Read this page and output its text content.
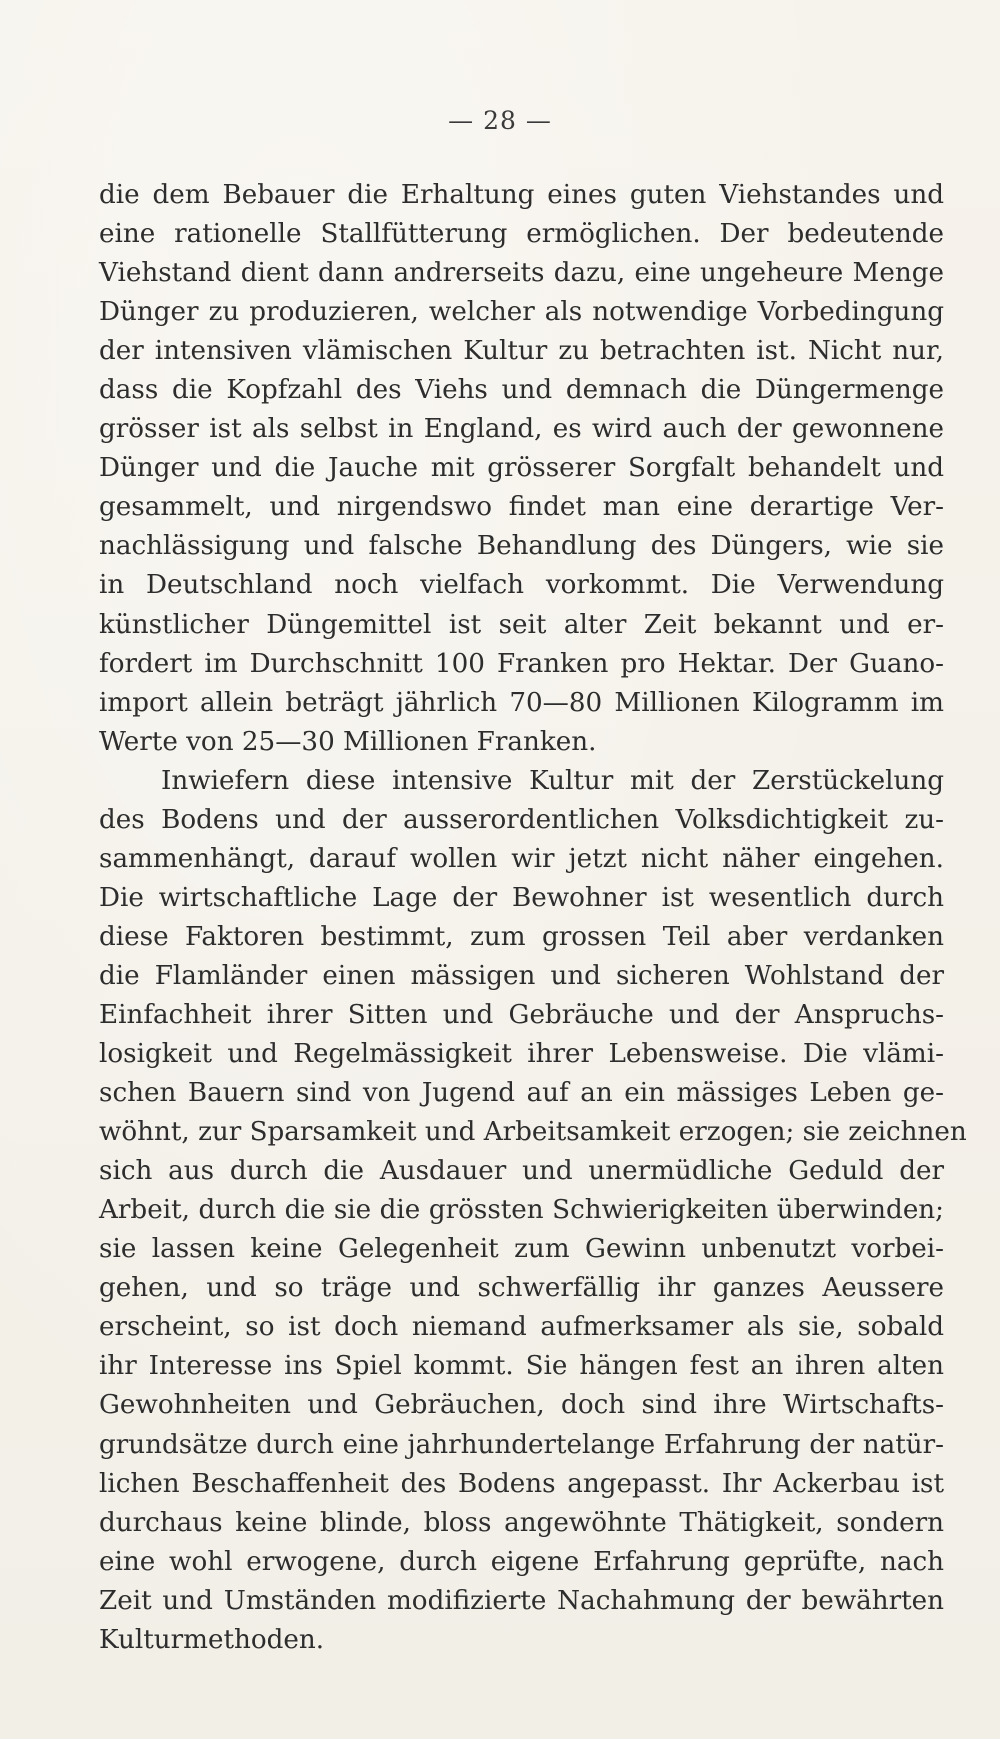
— 28 —
die dem Bebauer die Erhaltung eines guten Viehstandes und
eine rationelle Stallfütterung ermöglichen. Der bedeutende
Viehstand dient dann andrerseits dazu, eine ungeheure Menge
Dünger zu produzieren, welcher als notwendige Vorbedingung
der intensiven vlämischen Kultur zu betrachten ist. Nicht nur,
dass die Kopfzahl des Viehs und demnach die Düngermenge
grösser ist als selbst in England, es wird auch der gewonnene
Dünger und die Jauche mit grösserer Sorgfalt behandelt und
gesammelt, und nirgendswo findet man eine derartige Ver-
nachlässigung und falsche Behandlung des Düngers, wie sie
in Deutschland noch vielfach vorkommt. Die Verwendung
künstlicher Düngemittel ist seit alter Zeit bekannt und er-
fordert im Durchschnitt 100 Franken pro Hektar. Der Guano-
import allein beträgt jährlich 70—80 Millionen Kilogramm im
Werte von 25—30 Millionen Franken.
Inwiefern diese intensive Kultur mit der Zerstückelung
des Bodens und der ausserordentlichen Volksdichtigkeit zu-
sammenhängt, darauf wollen wir jetzt nicht näher eingehen.
Die wirtschaftliche Lage der Bewohner ist wesentlich durch
diese Faktoren bestimmt, zum grossen Teil aber verdanken
die Flamländer einen mässigen und sicheren Wohlstand der
Einfachheit ihrer Sitten und Gebräuche und der Anspruchs-
losigkeit und Regelmässigkeit ihrer Lebensweise. Die vlämi-
schen Bauern sind von Jugend auf an ein mässiges Leben ge-
wöhnt, zur Sparsamkeit und Arbeitsamkeit erzogen; sie zeichnen
sich aus durch die Ausdauer und unermüdliche Geduld der
Arbeit, durch die sie die grössten Schwierigkeiten überwinden;
sie lassen keine Gelegenheit zum Gewinn unbenutzt vorbei-
gehen, und so träge und schwerfällig ihr ganzes Aeussere
erscheint, so ist doch niemand aufmerksamer als sie, sobald
ihr Interesse ins Spiel kommt. Sie hängen fest an ihren alten
Gewohnheiten und Gebräuchen, doch sind ihre Wirtschafts-
grundsätze durch eine jahrhundertelange Erfahrung der natür-
lichen Beschaffenheit des Bodens angepasst. Ihr Ackerbau ist
durchaus keine blinde, bloss angewöhnte Thätigkeit, sondern
eine wohl erwogene, durch eigene Erfahrung geprüfte, nach
Zeit und Umständen modifizierte Nachahmung der bewährten
Kulturmethoden.
